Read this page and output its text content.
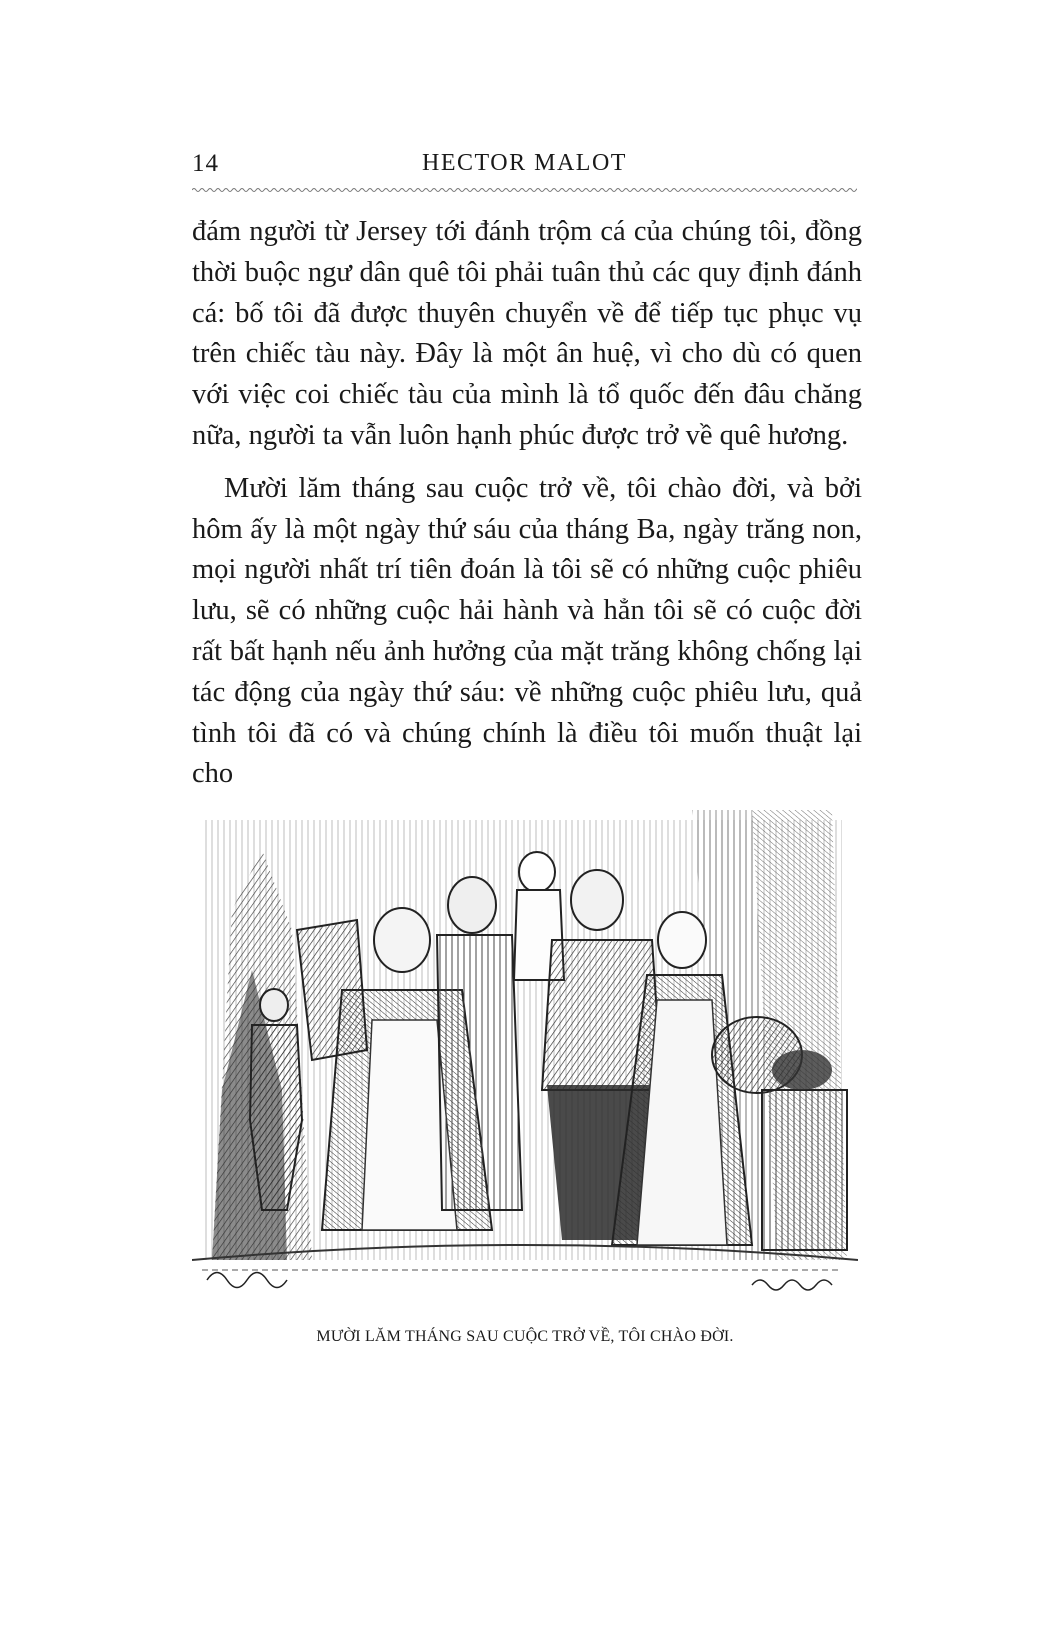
14	HECTOR MALOT

đám người từ Jersey tới đánh trộm cá của chúng tôi, đồng thời buộc ngư dân quê tôi phải tuân thủ các quy định đánh cá: bố tôi đã được thuyên chuyển về để tiếp tục phục vụ trên chiếc tàu này. Đây là một ân huệ, vì cho dù có quen với việc coi chiếc tàu của mình là tổ quốc đến đâu chăng nữa, người ta vẫn luôn hạnh phúc được trở về quê hương.

Mười lăm tháng sau cuộc trở về, tôi chào đời, và bởi hôm ấy là một ngày thứ sáu của tháng Ba, ngày trăng non, mọi người nhất trí tiên đoán là tôi sẽ có những cuộc phiêu lưu, sẽ có những cuộc hải hành và hẳn tôi sẽ có cuộc đời rất bất hạnh nếu ảnh hưởng của mặt trăng không chống lại tác động của ngày thứ sáu: về những cuộc phiêu lưu, quả tình tôi đã có và chúng chính là điều tôi muốn thuật lại cho

MƯỜI LĂM THÁNG SAU CUỘC TRỞ VỀ, TÔI CHÀO ĐỜI.
